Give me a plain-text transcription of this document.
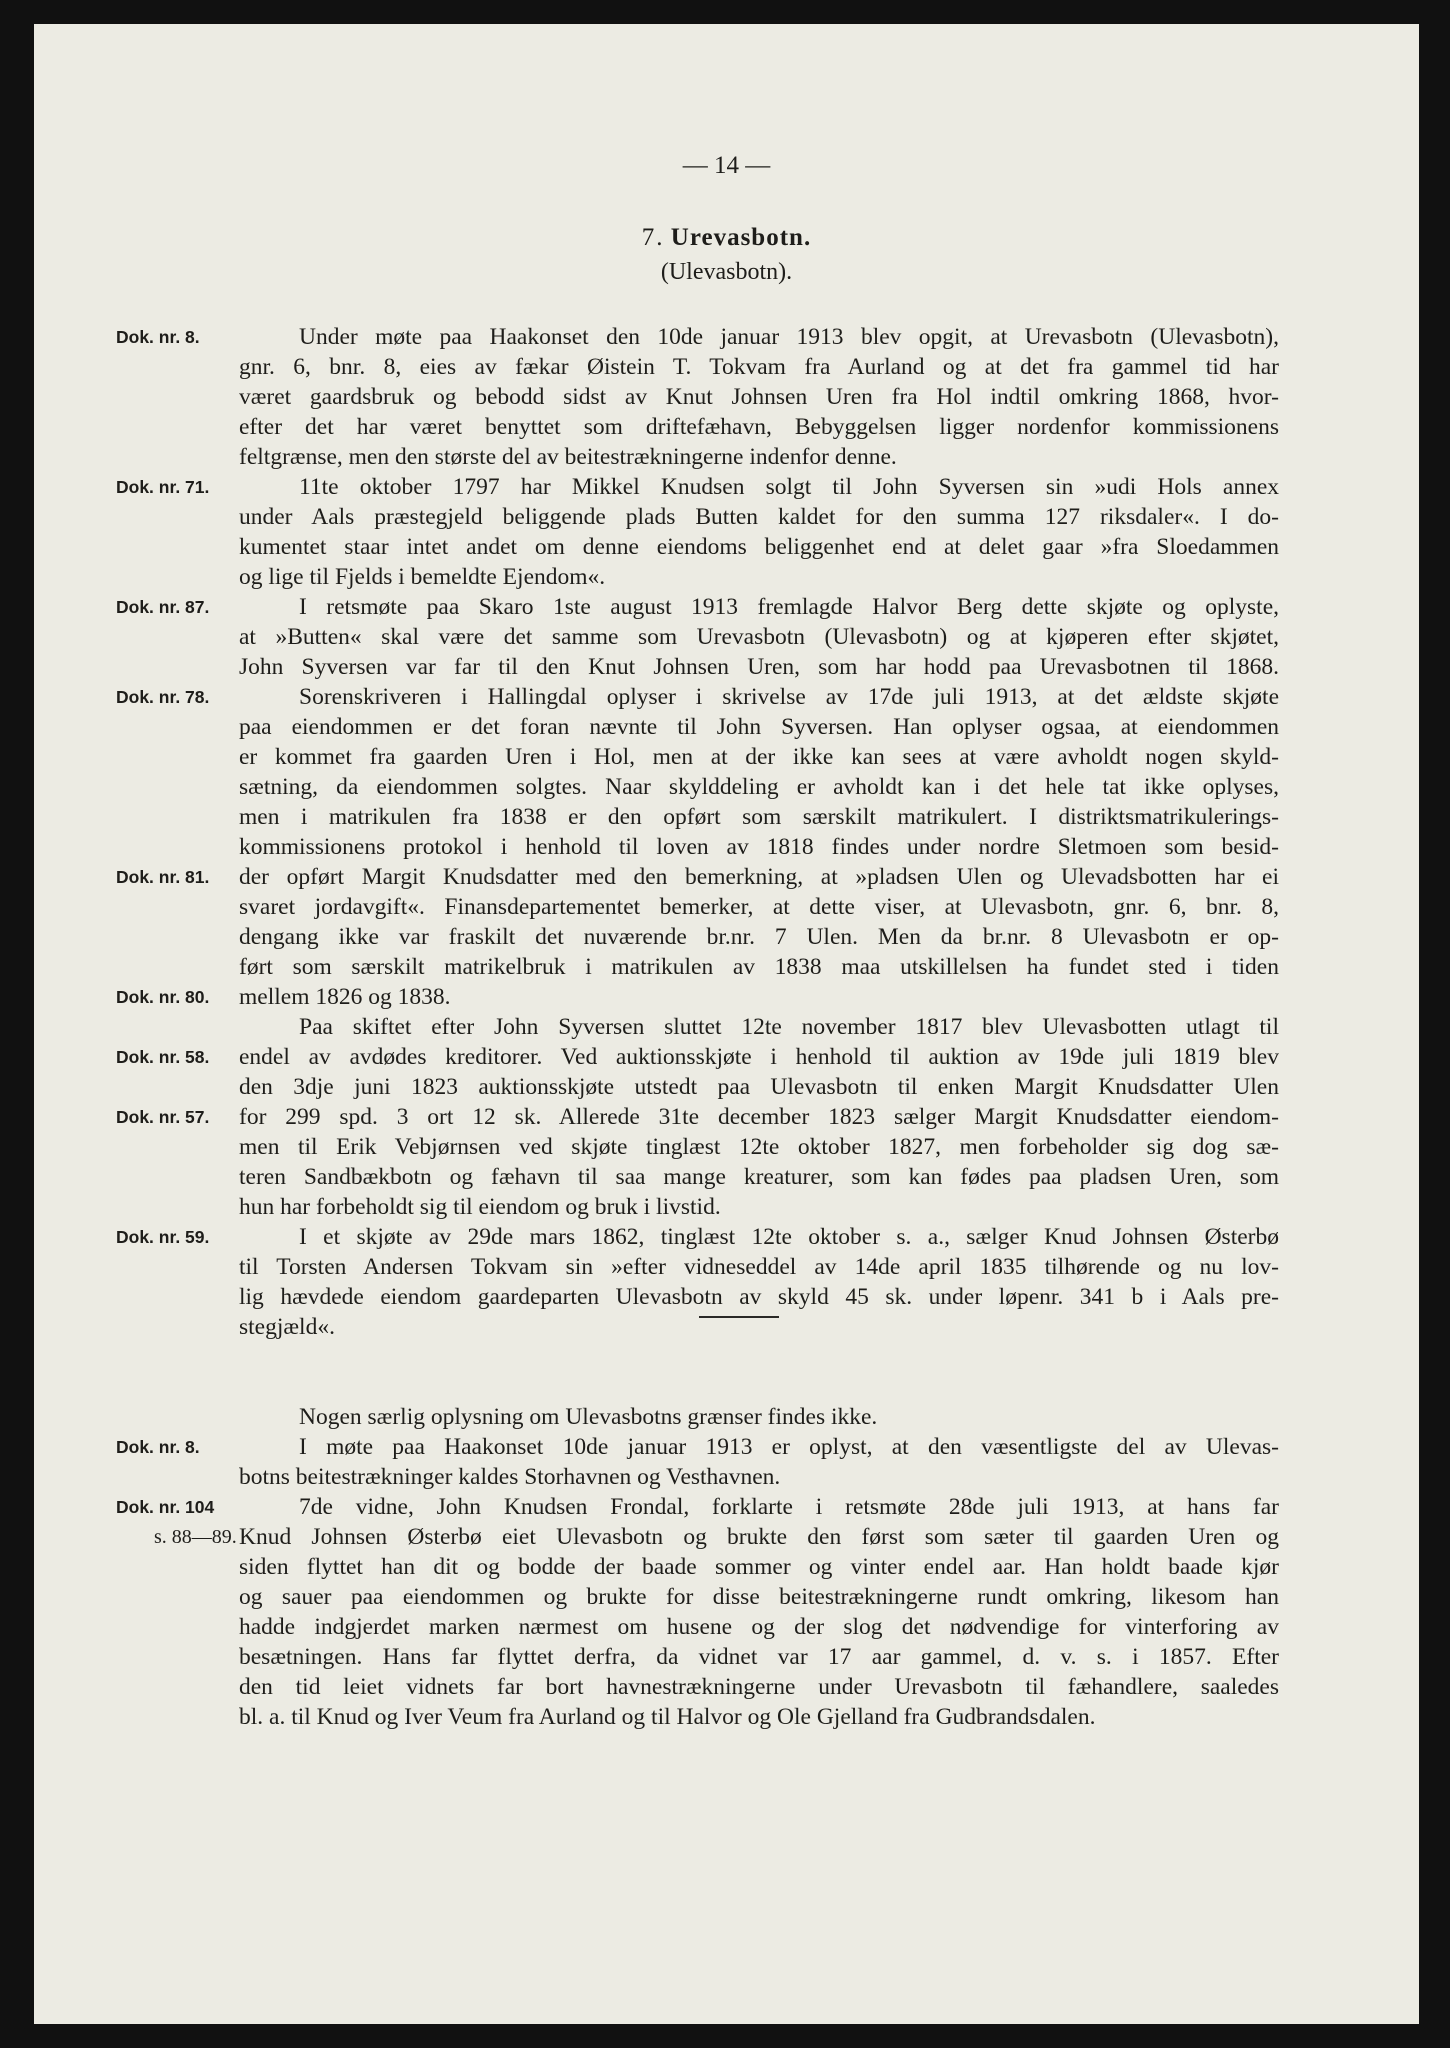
— 14 —
7. Urevasbotn.
(Ulevasbotn).
Under møte paa Haakonset den 10de januar 1913 blev opgit, at Urevasbotn (Ulevasbotn),
gnr. 6, bnr. 8, eies av fækar Øistein T. Tokvam fra Aurland og at det fra gammel tid har
været gaardsbruk og bebodd sidst av Knut Johnsen Uren fra Hol indtil omkring 1868, hvor-
efter det har været benyttet som driftefæhavn, Bebyggelsen ligger nordenfor kommissionens
feltgrænse, men den største del av beitestrækningerne indenfor denne.
11te oktober 1797 har Mikkel Knudsen solgt til John Syversen sin »udi Hols annex
under Aals præstegjeld beliggende plads Butten kaldet for den summa 127 riksdaler«. I do-
kumentet staar intet andet om denne eiendoms beliggenhet end at delet gaar »fra Sloedammen
og lige til Fjelds i bemeldte Ejendom«.
I retsmøte paa Skaro 1ste august 1913 fremlagde Halvor Berg dette skjøte og oplyste,
at »Butten« skal være det samme som Urevasbotn (Ulevasbotn) og at kjøperen efter skjøtet,
John Syversen var far til den Knut Johnsen Uren, som har hodd paa Urevasbotnen til 1868.
Sorenskriveren i Hallingdal oplyser i skrivelse av 17de juli 1913, at det ældste skjøte
paa eiendommen er det foran nævnte til John Syversen. Han oplyser ogsaa, at eiendommen
er kommet fra gaarden Uren i Hol, men at der ikke kan sees at være avholdt nogen skyld-
sætning, da eiendommen solgtes. Naar skylddeling er avholdt kan i det hele tat ikke oplyses,
men i matrikulen fra 1838 er den opført som særskilt matrikulert. I distriktsmatrikulerings-
kommissionens protokol i henhold til loven av 1818 findes under nordre Sletmoen som besid-
der opført Margit Knudsdatter med den bemerkning, at »pladsen Ulen og Ulevadsbotten har ei
svaret jordavgift«. Finansdepartementet bemerker, at dette viser, at Ulevasbotn, gnr. 6, bnr. 8,
dengang ikke var fraskilt det nuværende br.nr. 7 Ulen. Men da br.nr. 8 Ulevasbotn er op-
ført som særskilt matrikelbruk i matrikulen av 1838 maa utskillelsen ha fundet sted i tiden
mellem 1826 og 1838.
Paa skiftet efter John Syversen sluttet 12te november 1817 blev Ulevasbotten utlagt til
endel av avdødes kreditorer. Ved auktionsskjøte i henhold til auktion av 19de juli 1819 blev
den 3dje juni 1823 auktionsskjøte utstedt paa Ulevasbotn til enken Margit Knudsdatter Ulen
for 299 spd. 3 ort 12 sk. Allerede 31te december 1823 sælger Margit Knudsdatter eiendom-
men til Erik Vebjørnsen ved skjøte tinglæst 12te oktober 1827, men forbeholder sig dog sæ-
teren Sandbækbotn og fæhavn til saa mange kreaturer, som kan fødes paa pladsen Uren, som
hun har forbeholdt sig til eiendom og bruk i livstid.
I et skjøte av 29de mars 1862, tinglæst 12te oktober s. a., sælger Knud Johnsen Østerbø
til Torsten Andersen Tokvam sin »efter vidneseddel av 14de april 1835 tilhørende og nu lov-
lig hævdede eiendom gaardeparten Ulevasbotn av skyld 45 sk. under løpenr. 341 b i Aals pre-
stegjæld«.
Nogen særlig oplysning om Ulevasbotns grænser findes ikke.
I møte paa Haakonset 10de januar 1913 er oplyst, at den væsentligste del av Ulevas-
botns beitestrækninger kaldes Storhavnen og Vesthavnen.
7de vidne, John Knudsen Frondal, forklarte i retsmøte 28de juli 1913, at hans far
Knud Johnsen Østerbø eiet Ulevasbotn og brukte den først som sæter til gaarden Uren og
siden flyttet han dit og bodde der baade sommer og vinter endel aar. Han holdt baade kjør
og sauer paa eiendommen og brukte for disse beitestrækningerne rundt omkring, likesom han
hadde indgjerdet marken nærmest om husene og der slog det nødvendige for vinterforing av
besætningen. Hans far flyttet derfra, da vidnet var 17 aar gammel, d. v. s. i 1857. Efter
den tid leiet vidnets far bort havnestrækningerne under Urevasbotn til fæhandlere, saaledes
bl. a. til Knud og Iver Veum fra Aurland og til Halvor og Ole Gjelland fra Gudbrandsdalen.
Dok. nr. 8.
Dok. nr. 71.
Dok. nr. 87.
Dok. nr. 78.
Dok. nr. 81.
Dok. nr. 80.
Dok. nr. 58.
Dok. nr. 57.
Dok. nr. 59.
Dok. nr. 8.
Dok. nr. 104
s. 88—89.
